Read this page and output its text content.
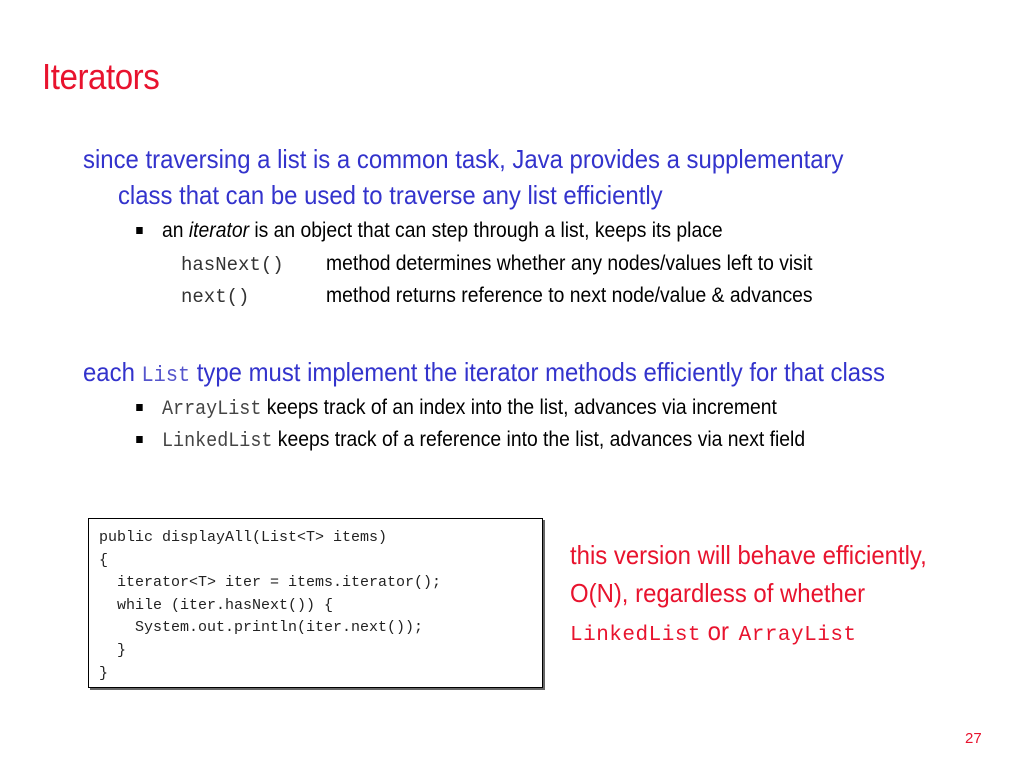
Iterators
since traversing a list is a common task, Java provides a supplementary
class that can be used to traverse any list efficiently
an iterator is an object that can step through a list, keeps its place
hasNext() method determines whether any nodes/values left to visit
next()	method returns reference to next node/value & advances
each List type must implement the iterator methods efficiently for that class
ArrayList keeps track of an index into the list, advances via increment
LinkedList keeps track of a reference into the list, advances via next field
public displayAll(List<T> items)
{
iterator<T> iter = items.iterator();
while (iter.hasNext()) {
System.out.println(iter.next());
}
}
this version will behave efficiently,
O(N), regardless of whether
LinkedList or ArrayList
27
